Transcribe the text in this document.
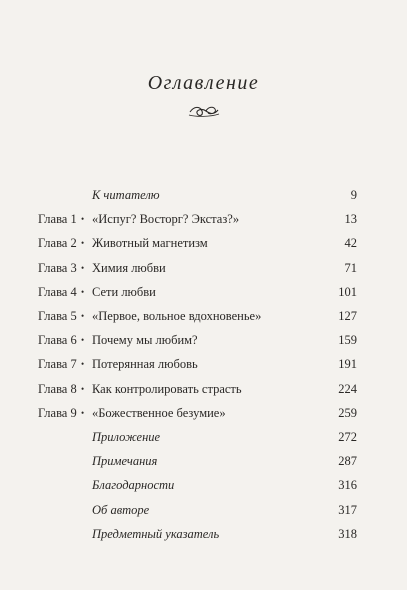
Оглавление
К читателю	9
Глава 1 • «Испуг? Восторг? Экстаз?»	13
Глава 2 • Животный магнетизм	42
Глава 3 • Химия любви	71
Глава 4 • Сети любви	101
Глава 5 • «Первое, вольное вдохновенье»	127
Глава 6 • Почему мы любим?	159
Глава 7 • Потерянная любовь	191
Глава 8 • Как контролировать страсть	224
Глава 9 • «Божественное безумие»	259
Приложение	272
Примечания	287
Благодарности	316
Об авторе	317
Предметный указатель	318
